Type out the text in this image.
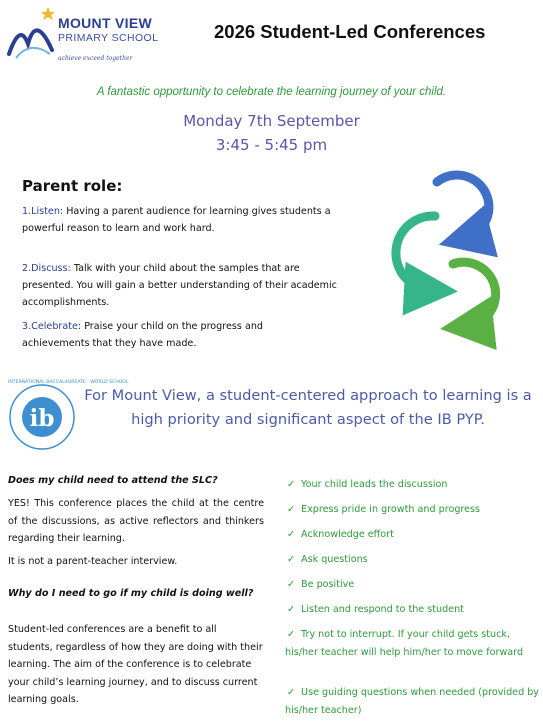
MOUNT VIEW
PRIMARY SCHOOL
achieve exceed together
2026 Student-Led Conferences
A fantastic opportunity to celebrate the learning journey of your child.
Monday 7th September
3:45 - 5:45 pm
Parent role:
1.Listen: Having a parent audience for learning gives students a powerful reason to learn and work hard.
2.Discuss: Talk with your child about the samples that are presented. You will gain a better understanding of their academic accomplishments.
3.Celebrate: Praise your child on the progress and achievements that they have made.
INTERNATIONAL BACCALAUREATE · WORLD SCHOOL
ib
For Mount View, a student-centered approach to learning is a high priority and significant aspect of the IB PYP.
Does my child need to attend the SLC?
YES! This conference places the child at the centre of the discussions, as active reflectors and thinkers regarding their learning.
It is not a parent-teacher interview.
Why do I need to go if my child is doing well?
Student-led conferences are a benefit to all students, regardless of how they are doing with their learning. The aim of the conference is to celebrate your child’s learning journey, and to discuss current learning goals.
✓ Your child leads the discussion
✓ Express pride in growth and progress
✓ Acknowledge effort
✓ Ask questions
✓ Be positive
✓ Listen and respond to the student
✓ Try not to interrupt. If your child gets stuck, his/her teacher will help him/her to move forward
✓ Use guiding questions when needed (provided by his/her teacher)
